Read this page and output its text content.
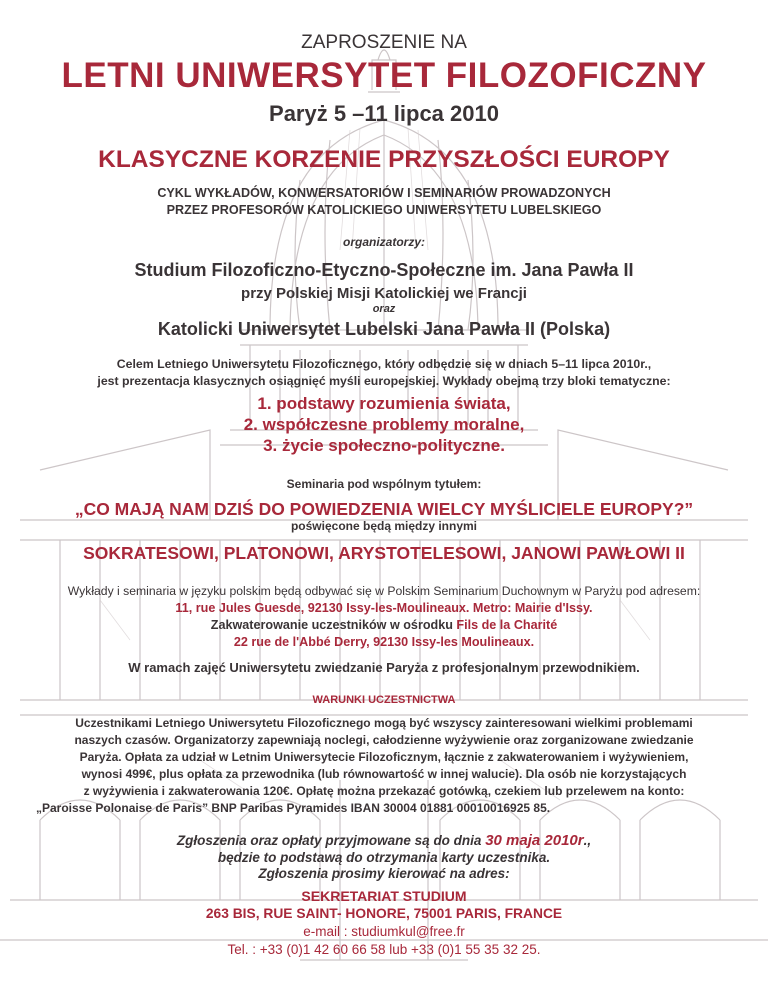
ZAPROSZENIE NA
LETNI UNIWERSYTET FILOZOFICZNY
Paryż 5 –11 lipca 2010
KLASYCZNE KORZENIE PRZYSZŁOŚCI EUROPY
CYKL WYKŁADÓW, KONWERSATORIÓW I SEMINARIÓW PROWADZONYCH
PRZEZ PROFESORÓW KATOLICKIEGO UNIWERSYTETU LUBELSKIEGO
organizatorzy:
Studium Filozoficzno-Etyczno-Społeczne im. Jana Pawła II
przy Polskiej Misji Katolickiej we Francji
oraz
Katolicki Uniwersytet Lubelski Jana Pawła II (Polska)
Celem Letniego Uniwersytetu Filozoficznego, który odbędzie się w dniach 5–11 lipca 2010r.,
jest prezentacja klasycznych osiągnięć myśli europejskiej. Wykłady obejmą trzy bloki tematyczne:
1. podstawy rozumienia świata,
2. współczesne problemy moralne,
3. życie społeczno-polityczne.
Seminaria pod wspólnym tytułem:
„CO MAJĄ NAM DZIŚ DO POWIEDZENIA WIELCY MYŚLICIELE EUROPY?”
poświęcone będą między innymi
SOKRATESOWI, PLATONOWI, ARYSTOTELESOWI, JANOWI PAWŁOWI II
Wykłady i seminaria w języku polskim będą odbywać się w Polskim Seminarium Duchownym w Paryżu pod adresem:
11, rue Jules Guesde, 92130 Issy-les-Moulineaux. Metro: Mairie d'Issy.
Zakwaterowanie uczestników w ośrodku Fils de la Charité
22 rue de l'Abbé Derry, 92130 Issy-les Moulineaux.
W ramach zajęć Uniwersytetu zwiedzanie Paryża z profesjonalnym przewodnikiem.
WARUNKI UCZESTNICTWA
Uczestnikami Letniego Uniwersytetu Filozoficznego mogą być wszyscy zainteresowani wielkimi problemami
naszych czasów. Organizatorzy zapewniają noclegi, całodzienne wyżywienie oraz zorganizowane zwiedzanie
Paryża. Opłata za udział w Letnim Uniwersytecie Filozoficznym, łącznie z zakwaterowaniem i wyżywieniem,
wynosi 499€, plus opłata za przewodnika (lub równowartość w innej walucie). Dla osób nie korzystających
z wyżywienia i zakwaterowania 120€. Opłatę można przekazać gotówką, czekiem lub przelewem na konto:
„Paroisse Polonaise de Paris” BNP Paribas Pyramides IBAN 30004 01881 00010016925 85.
Zgłoszenia oraz opłaty przyjmowane są do dnia 30 maja 2010r.,
będzie to podstawą do otrzymania karty uczestnika.
Zgłoszenia prosimy kierować na adres:
SEKRETARIAT STUDIUM
263 BIS, RUE SAINT- HONORE, 75001 PARIS, FRANCE
e-mail : studiumkul@free.fr
Tel. : +33 (0)1 42 60 66 58 lub +33 (0)1 55 35 32 25.
